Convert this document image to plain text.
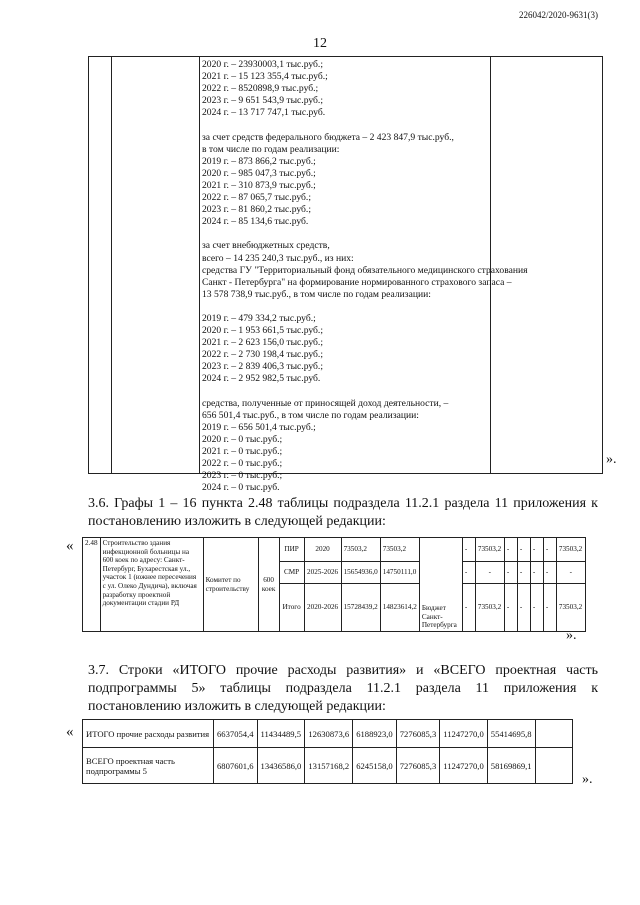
226042/2020-9631(3)
12
2020 г. – 23930003,1 тыс.руб.;
2021 г. – 15 123 355,4 тыс.руб.;
2022 г. – 8520898,9 тыс.руб.;
2023 г. – 9 651 543,9 тыс.руб.;
2024 г. – 13 717 747,1 тыс.руб.

за счет средств федерального бюджета – 2 423 847,9 тыс.руб.,
в том числе по годам реализации:
2019 г. – 873 866,2 тыс.руб.;
2020 г. – 985 047,3 тыс.руб.;
2021 г. – 310 873,9 тыс.руб.;
2022 г. – 87 065,7 тыс.руб.;
2023 г. – 81 860,2 тыс.руб.;
2024 г. – 85 134,6 тыс.руб.

за счет внебюджетных средств,
всего – 14 235 240,3 тыс.руб., из них:
средства ГУ "Территориальный фонд обязательного медицинского страхования
Санкт - Петербурга" на формирование нормированного страхового запаса –
13 578 738,9 тыс.руб., в том числе по годам реализации:

2019 г. – 479 334,2 тыс.руб.;
2020 г. – 1 953 661,5 тыс.руб.;
2021 г. – 2 623 156,0 тыс.руб.;
2022 г. – 2 730 198,4 тыс.руб.;
2023 г. – 2 839 406,3 тыс.руб.;
2024 г. – 2 952 982,5 тыс.руб.

средства, полученные от приносящей доход деятельности, –
656 501,4 тыс.руб., в том числе по годам реализации:
2019 г. – 656 501,4 тыс.руб.;
2020 г. – 0 тыс.руб.;
2021 г. – 0 тыс.руб.;
2022 г. – 0 тыс.руб.;
2023 г. – 0 тыс.руб.;
2024 г. – 0 тыс.руб.
».
3.6. Графы 1 – 16 пункта 2.48 таблицы подраздела 11.2.1 раздела 11 приложения к постановлению изложить в следующей редакции:
« 2.48	Строительство здания инфекционной больницы на 600 коек по адресу: Санкт-Петербург, Бухарестская ул., участок 1 (южнее пересечения с ул. Олеко Дундича), включая разработку проектной документации стадии РД	Комитет по строительству	600 коек	ПИР	2020	73503,2	73503,2	Бюджет Санкт-Петербурга	-	73503,2	-	-	-	-	73503,2
				СМР	2025-2026	15654936,0	14750111,0		-	-	-	-	-	-	-
				Итого	2020-2026	15728439,2	14823614,2		-	73503,2	-	-	-	-	73503,2
».
3.7. Строки «ИТОГО прочие расходы развития» и «ВСЕГО проектная часть подпрограммы 5» таблицы подраздела 11.2.1 раздела 11 приложения к постановлению изложить в следующей редакции:
« ИТОГО прочие расходы развития	6637054,4	11434489,5	12630873,6	6188923,0	7276085,3	11247270,0	55414695,8	
ВСЕГО проектная часть подпрограммы 5	6807601,6	13436586,0	13157168,2	6245158,0	7276085,3	11247270,0	58169869,1	
».
